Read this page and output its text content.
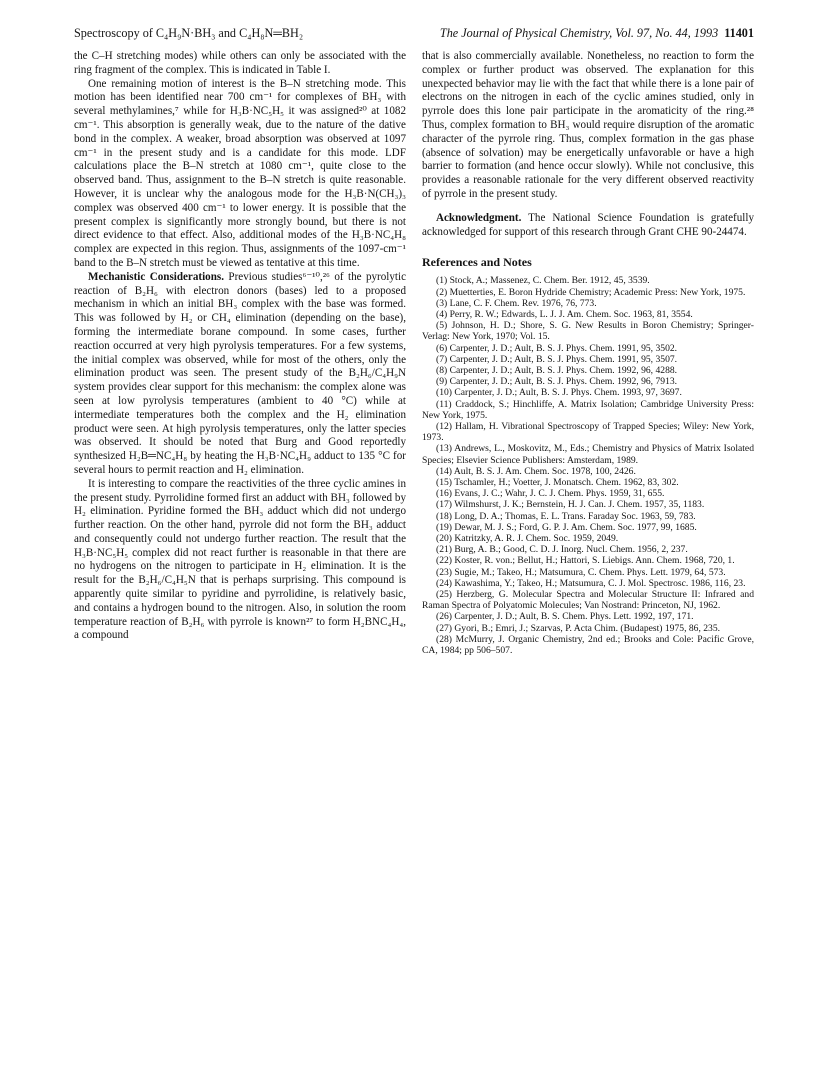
Spectroscopy of C₄H₉N·BH₃ and C₄H₈N═BH₂	The Journal of Physical Chemistry, Vol. 97, No. 44, 1993 11401

the C–H stretching modes) while others can only be associated with the ring fragment of the complex. This is indicated in Table I.

One remaining motion of interest is the B–N stretching mode. This motion has been identified near 700 cm⁻¹ for complexes of BH₃ with several methylamines,⁷ while for H₃B·NC₅H₅ it was assigned²⁰ at 1082 cm⁻¹. This absorption is generally weak, due to the nature of the dative bond in the complex. A weaker, broad absorption was observed at 1097 cm⁻¹ in the present study and is a candidate for this mode. LDF calculations place the B–N stretch at 1080 cm⁻¹, quite close to the observed band. Thus, assignment to the B–N stretch is quite reasonable. However, it is unclear why the analogous mode for the H₃B·N(CH₃)₃ complex was observed 400 cm⁻¹ to lower energy. It is possible that the present complex is significantly more strongly bound, but there is not direct evidence to that effect. Also, additional modes of the H₃B·NC₄H₈ complex are expected in this region. Thus, assignments of the 1097-cm⁻¹ band to the B–N stretch must be viewed as tentative at this time.

Mechanistic Considerations. Previous studies⁶⁻¹⁰,²⁶ of the pyrolytic reaction of B₂H₆ with electron donors (bases) led to a proposed mechanism in which an initial BH₃ complex with the base was formed. This was followed by H₂ or CH₄ elimination (depending on the base), forming the intermediate borane compound. In some cases, further reaction occurred at very high pyrolysis temperatures. For a few systems, the initial complex was observed, while for most of the others, only the elimination product was seen. The present study of the B₂H₆/C₄H₉N system provides clear support for this mechanism: the complex alone was seen at low pyrolysis temperatures (ambient to 40 °C) while at intermediate temperatures both the complex and the H₂ elimination product were seen. At high pyrolysis temperatures, only the latter species was observed. It should be noted that Burg and Good reportedly synthesized H₂B═NC₄H₈ by heating the H₃B·NC₄H₉ adduct to 135 °C for several hours to permit reaction and H₂ elimination.

It is interesting to compare the reactivities of the three cyclic amines in the present study. Pyrrolidine formed first an adduct with BH₃ followed by H₂ elimination. Pyridine formed the BH₃ adduct which did not undergo further reaction. On the other hand, pyrrole did not form the BH₃ adduct and consequently could not undergo further reaction. The result that the H₃B·NC₅H₅ complex did not react further is reasonable in that there are no hydrogens on the nitrogen to participate in H₂ elimination. It is the result for the B₂H₆/C₄H₅N that is perhaps surprising. This compound is apparently quite similar to pyridine and pyrrolidine, is relatively basic, and contains a hydrogen bound to the nitrogen. Also, in solution the room temperature reaction of B₂H₆ with pyrrole is known²⁷ to form H₂BNC₄H₄, a compound

that is also commercially available. Nonetheless, no reaction to form the complex or further product was observed. The explanation for this unexpected behavior may lie with the fact that while there is a lone pair of electrons on the nitrogen in each of the cyclic amines studied, only in pyrrole does this lone pair participate in the aromaticity of the ring.²⁸ Thus, complex formation to BH₃ would require disruption of the aromatic character of the pyrrole ring. Thus, complex formation in the gas phase (absence of solvation) may be energetically unfavorable or have a high barrier to formation (and hence occur slowly). While not conclusive, this provides a reasonable rationale for the very different observed reactivity of pyrrole in the present study.

Acknowledgment. The National Science Foundation is gratefully acknowledged for support of this research through Grant CHE 90-24474.

References and Notes

(1) Stock, A.; Massenez, C. Chem. Ber. 1912, 45, 3539.

(2) Muetterties, E. Boron Hydride Chemistry; Academic Press: New York, 1975.

(3) Lane, C. F. Chem. Rev. 1976, 76, 773.

(4) Perry, R. W.; Edwards, L. J. J. Am. Chem. Soc. 1963, 81, 3554.

(5) Johnson, H. D.; Shore, S. G. New Results in Boron Chemistry; Springer-Verlag: New York, 1970; Vol. 15.

(6) Carpenter, J. D.; Ault, B. S. J. Phys. Chem. 1991, 95, 3502.

(7) Carpenter, J. D.; Ault, B. S. J. Phys. Chem. 1991, 95, 3507.

(8) Carpenter, J. D.; Ault, B. S. J. Phys. Chem. 1992, 96, 4288.

(9) Carpenter, J. D.; Ault, B. S. J. Phys. Chem. 1992, 96, 7913.

(10) Carpenter, J. D.; Ault, B. S. J. Phys. Chem. 1993, 97, 3697.

(11) Craddock, S.; Hinchliffe, A. Matrix Isolation; Cambridge University Press: New York, 1975.

(12) Hallam, H. Vibrational Spectroscopy of Trapped Species; Wiley: New York, 1973.

(13) Andrews, L., Moskovitz, M., Eds.; Chemistry and Physics of Matrix Isolated Species; Elsevier Science Publishers: Amsterdam, 1989.

(14) Ault, B. S. J. Am. Chem. Soc. 1978, 100, 2426.

(15) Tschamler, H.; Voetter, J. Monatsch. Chem. 1962, 83, 302.

(16) Evans, J. C.; Wahr, J. C. J. Chem. Phys. 1959, 31, 655.

(17) Wilmshurst, J. K.; Bernstein, H. J. Can. J. Chem. 1957, 35, 1183.

(18) Long, D. A.; Thomas, E. L. Trans. Faraday Soc. 1963, 59, 783.

(19) Dewar, M. J. S.; Ford, G. P. J. Am. Chem. Soc. 1977, 99, 1685.

(20) Katritzky, A. R. J. Chem. Soc. 1959, 2049.

(21) Burg, A. B.; Good, C. D. J. Inorg. Nucl. Chem. 1956, 2, 237.

(22) Koster, R. von.; Bellut, H.; Hattori, S. Liebigs. Ann. Chem. 1968, 720, 1.

(23) Sugie, M.; Takeo, H.; Matsumura, C. Chem. Phys. Lett. 1979, 64, 573.

(24) Kawashima, Y.; Takeo, H.; Matsumura, C. J. Mol. Spectrosc. 1986, 116, 23.

(25) Herzberg, G. Molecular Spectra and Molecular Structure II: Infrared and Raman Spectra of Polyatomic Molecules; Van Nostrand: Princeton, NJ, 1962.

(26) Carpenter, J. D.; Ault, B. S. Chem. Phys. Lett. 1992, 197, 171.

(27) Gyori, B.; Emri, J.; Szarvas, P. Acta Chim. (Budapest) 1975, 86, 235.

(28) McMurry, J. Organic Chemistry, 2nd ed.; Brooks and Cole: Pacific Grove, CA, 1984; pp 506–507.
